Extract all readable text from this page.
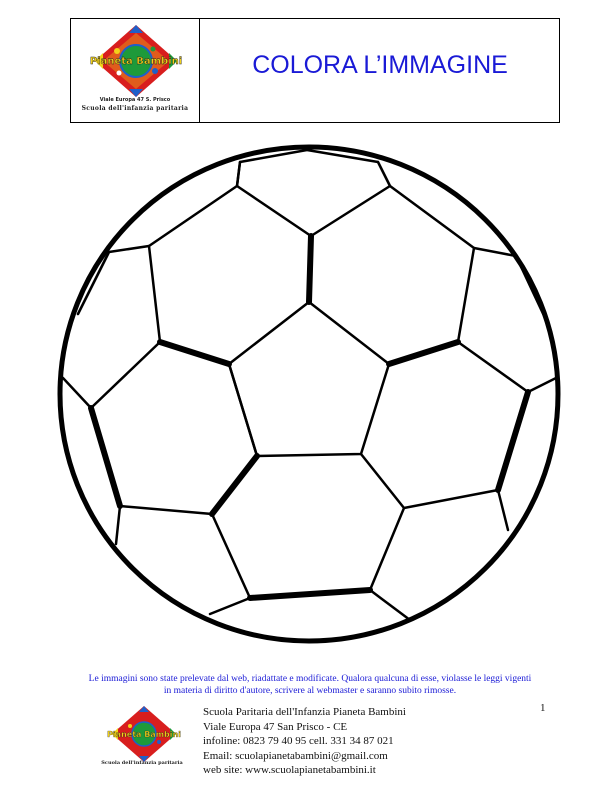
Pianeta Bambini
Viale Europa 47 S. Prisco
Scuola dell'infanzia paritaria
COLORA L’IMMAGINE
Le immagini sono state prelevate dal web, riadattate e modificate. Qualora qualcuna di esse, violasse le leggi vigenti
in materia di diritto d'autore, scrivere al webmaster e saranno subito rimosse.
Pianeta Bambini
Scuola dell'infanzia paritaria
Scuola Paritaria dell'Infanzia Pianeta Bambini
Viale Europa 47 San Prisco - CE
infoline: 0823 79 40 95 cell. 331 34 87 021
Email: scuolapianetabambini@gmail.com
web site: www.scuolapianetabambini.it
1
